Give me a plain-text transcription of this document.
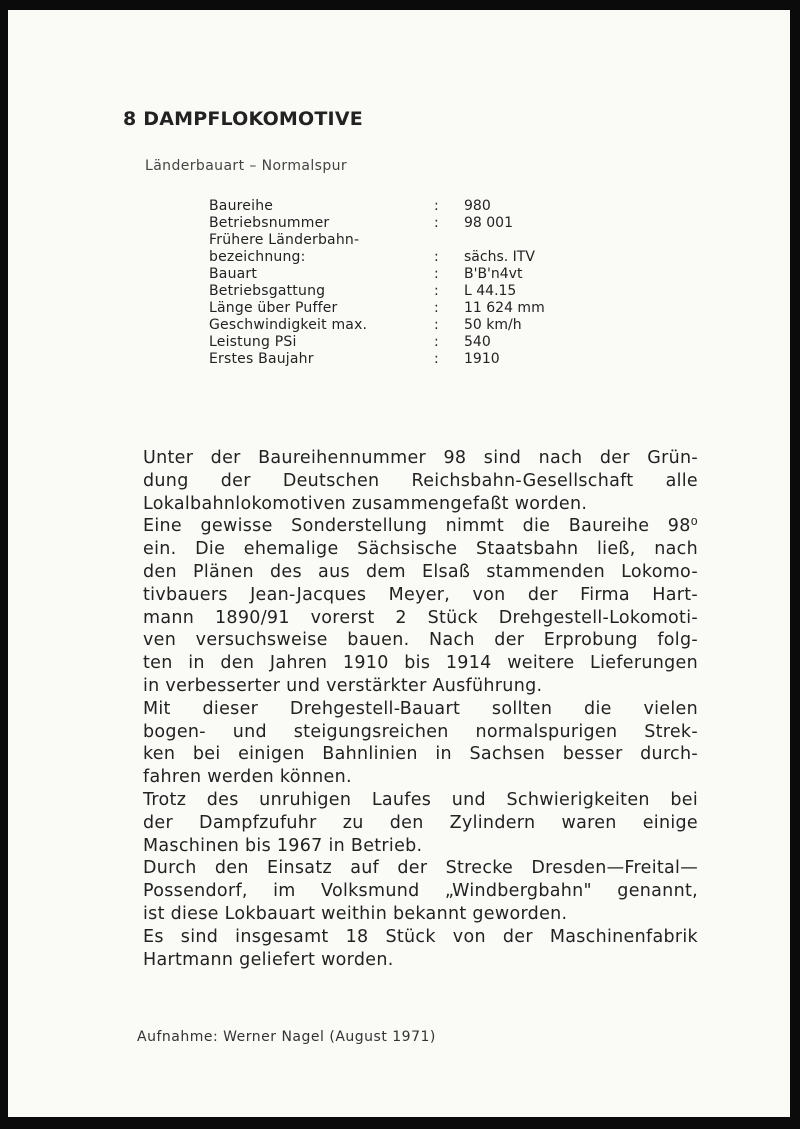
8 DAMPFLOKOMOTIVE
Länderbauart – Normalspur
Baureihe	:	980
Betriebsnummer	:	98 001
Frühere Länderbahn-
bezeichnung:	:	sächs. ITV
Bauart	:	B'B'n4vt
Betriebsgattung	:	L 44.15
Länge über Puffer	:	11 624 mm
Geschwindigkeit max.	:	50 km/h
Leistung PSi	:	540
Erstes Baujahr	:	1910
Unter der Baureihennummer 98 sind nach der Grün-
dung der Deutschen Reichsbahn-Gesellschaft alle
Lokalbahnlokomotiven zusammengefaßt worden.
Eine gewisse Sonderstellung nimmt die Baureihe 98⁰
ein. Die ehemalige Sächsische Staatsbahn ließ, nach
den Plänen des aus dem Elsaß stammenden Lokomo-
tivbauers Jean-Jacques Meyer, von der Firma Hart-
mann 1890/91 vorerst 2 Stück Drehgestell-Lokomoti-
ven versuchsweise bauen. Nach der Erprobung folg-
ten in den Jahren 1910 bis 1914 weitere Lieferungen
in verbesserter und verstärkter Ausführung.
Mit dieser Drehgestell-Bauart sollten die vielen
bogen- und steigungsreichen normalspurigen Strek-
ken bei einigen Bahnlinien in Sachsen besser durch-
fahren werden können.
Trotz des unruhigen Laufes und Schwierigkeiten bei
der Dampfzufuhr zu den Zylindern waren einige
Maschinen bis 1967 in Betrieb.
Durch den Einsatz auf der Strecke Dresden—Freital—
Possendorf, im Volksmund „Windbergbahn" genannt,
ist diese Lokbauart weithin bekannt geworden.
Es sind insgesamt 18 Stück von der Maschinenfabrik
Hartmann geliefert worden.
Aufnahme: Werner Nagel (August 1971)
